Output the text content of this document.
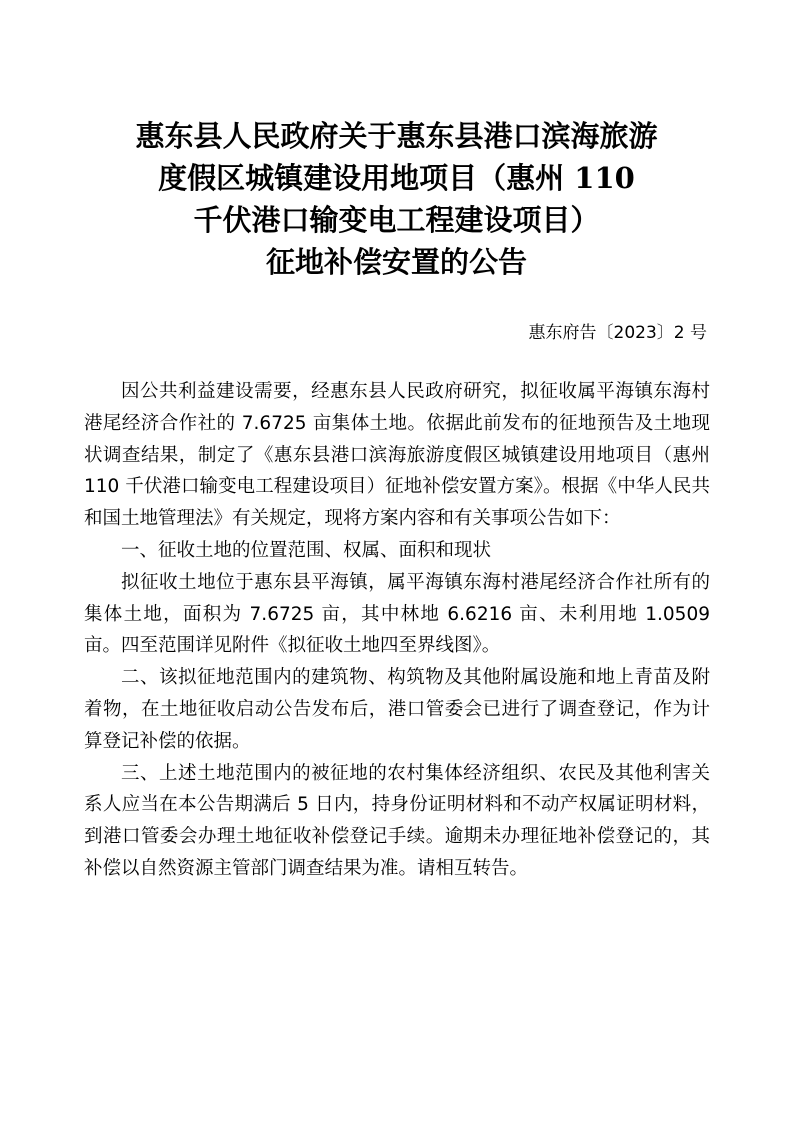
惠东县人民政府关于惠东县港口滨海旅游
度假区城镇建设用地项目（惠州 110
千伏港口输变电工程建设项目）
征地补偿安置的公告
惠东府告〔2023〕2 号

因公共利益建设需要，经惠东县人民政府研究，拟征收属平海镇东海村港尾经济合作社的 7.6725 亩集体土地。依据此前发布的征地预告及土地现状调查结果，制定了《惠东县港口滨海旅游度假区城镇建设用地项目（惠州 110 千伏港口输变电工程建设项目）征地补偿安置方案》。根据《中华人民共和国土地管理法》有关规定，现将方案内容和有关事项公告如下：

一、征收土地的位置范围、权属、面积和现状

拟征收土地位于惠东县平海镇，属平海镇东海村港尾经济合作社所有的集体土地，面积为 7.6725 亩，其中林地 6.6216 亩、未利用地 1.0509 亩。四至范围详见附件《拟征收土地四至界线图》。

二、该拟征地范围内的建筑物、构筑物及其他附属设施和地上青苗及附着物，在土地征收启动公告发布后，港口管委会已进行了调查登记，作为计算登记补偿的依据。

三、上述土地范围内的被征地的农村集体经济组织、农民及其他利害关系人应当在本公告期满后 5 日内，持身份证明材料和不动产权属证明材料，到港口管委会办理土地征收补偿登记手续。逾期未办理征地补偿登记的，其补偿以自然资源主管部门调查结果为准。请相互转告。
